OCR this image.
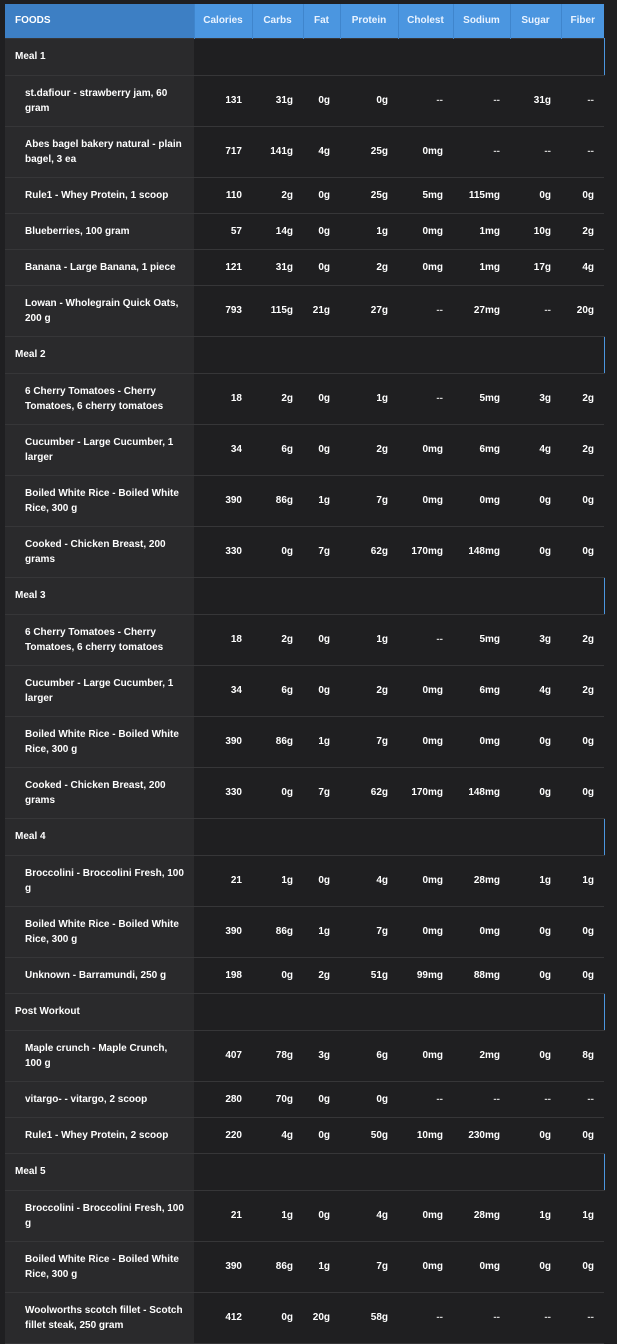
FOODS	Calories	Carbs	Fat	Protein	Cholest	Sodium	Sugar	Fiber
Meal 1								
st.dafiour - strawberry jam, 60 gram	131	31g	0g	0g	--	--	31g	--
Abes bagel bakery natural - plain bagel, 3 ea	717	141g	4g	25g	0mg	--	--	--
Rule1 - Whey Protein, 1 scoop	110	2g	0g	25g	5mg	115mg	0g	0g
Blueberries, 100 gram	57	14g	0g	1g	0mg	1mg	10g	2g
Banana - Large Banana, 1 piece	121	31g	0g	2g	0mg	1mg	17g	4g
Lowan - Wholegrain Quick Oats, 200 g	793	115g	21g	27g	--	27mg	--	20g
Meal 2								
6 Cherry Tomatoes - Cherry Tomatoes, 6 cherry tomatoes	18	2g	0g	1g	--	5mg	3g	2g
Cucumber - Large Cucumber, 1 larger	34	6g	0g	2g	0mg	6mg	4g	2g
Boiled White Rice - Boiled White Rice, 300 g	390	86g	1g	7g	0mg	0mg	0g	0g
Cooked - Chicken Breast, 200 grams	330	0g	7g	62g	170mg	148mg	0g	0g
Meal 3								
6 Cherry Tomatoes - Cherry Tomatoes, 6 cherry tomatoes	18	2g	0g	1g	--	5mg	3g	2g
Cucumber - Large Cucumber, 1 larger	34	6g	0g	2g	0mg	6mg	4g	2g
Boiled White Rice - Boiled White Rice, 300 g	390	86g	1g	7g	0mg	0mg	0g	0g
Cooked - Chicken Breast, 200 grams	330	0g	7g	62g	170mg	148mg	0g	0g
Meal 4								
Broccolini - Broccolini Fresh, 100 g	21	1g	0g	4g	0mg	28mg	1g	1g
Boiled White Rice - Boiled White Rice, 300 g	390	86g	1g	7g	0mg	0mg	0g	0g
Unknown - Barramundi, 250 g	198	0g	2g	51g	99mg	88mg	0g	0g
Post Workout								
Maple crunch - Maple Crunch, 100 g	407	78g	3g	6g	0mg	2mg	0g	8g
vitargo- - vitargo, 2 scoop	280	70g	0g	0g	--	--	--	--
Rule1 - Whey Protein, 2 scoop	220	4g	0g	50g	10mg	230mg	0g	0g
Meal 5								
Broccolini - Broccolini Fresh, 100 g	21	1g	0g	4g	0mg	28mg	1g	1g
Boiled White Rice - Boiled White Rice, 300 g	390	86g	1g	7g	0mg	0mg	0g	0g
Woolworths scotch fillet - Scotch fillet steak, 250 gram	412	0g	20g	58g	--	--	--	--
